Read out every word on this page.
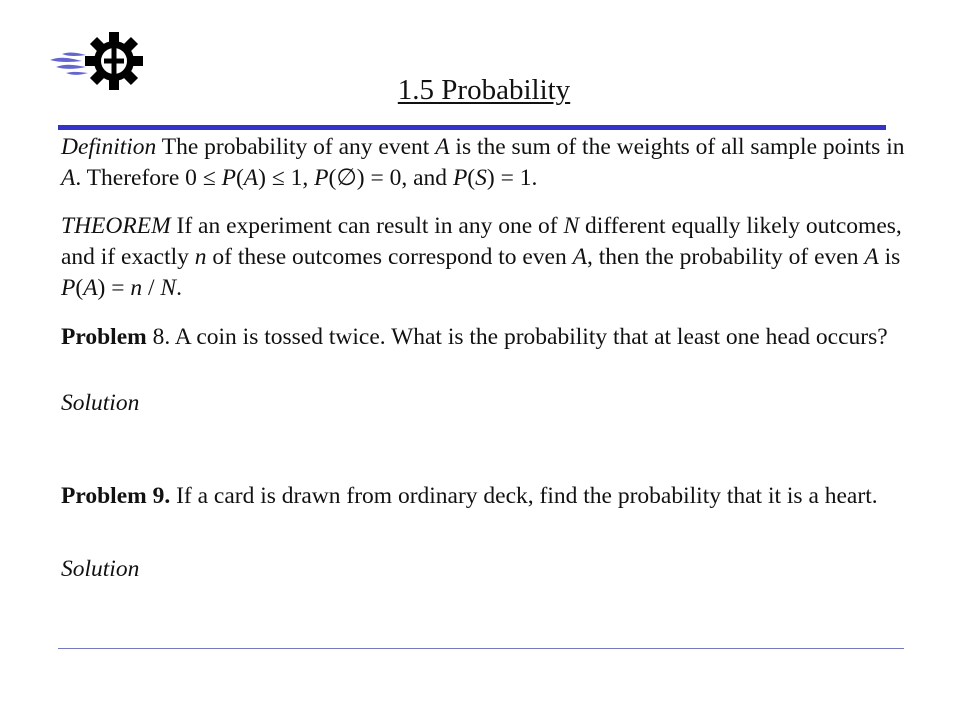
1.5 Probability

Definition The probability of any event A is the sum of the weights of all sample points in A. Therefore 0 ≤ P(A) ≤ 1, P(∅) = 0, and P(S) = 1.

THEOREM If an experiment can result in any one of N different equally likely outcomes, and if exactly n of these outcomes correspond to even A, then the probability of even A is P(A) = n / N.

Problem 8. A coin is tossed twice. What is the probability that at least one head occurs?

Solution

Problem 9. If a card is drawn from ordinary deck, find the probability that it is a heart.

Solution
